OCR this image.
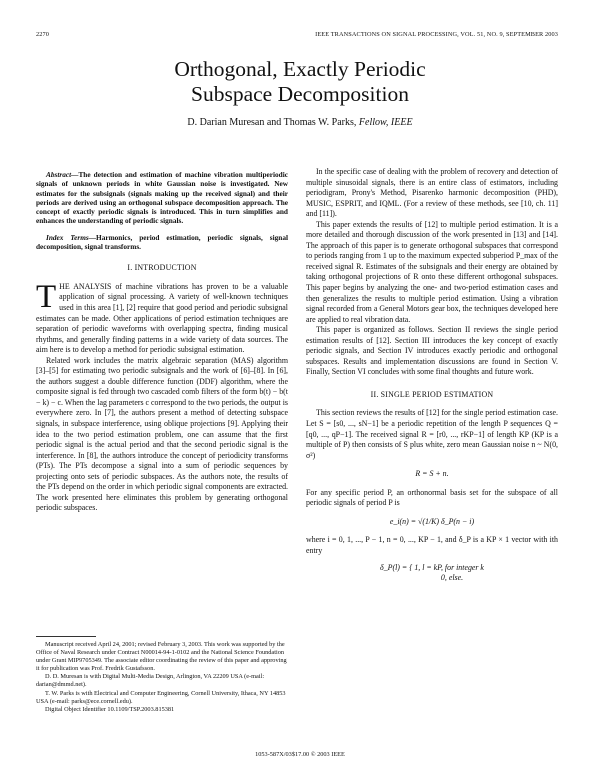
2270	IEEE TRANSACTIONS ON SIGNAL PROCESSING, VOL. 51, NO. 9, SEPTEMBER 2003
Orthogonal, Exactly Periodic
Subspace Decomposition
D. Darian Muresan and Thomas W. Parks, Fellow, IEEE

Abstract—The detection and estimation of machine vibration multiperiodic signals of unknown periods in white Gaussian noise is investigated. New estimates for the subsignals (signals making up the received signal) and their periods are derived using an orthogonal subspace decomposition approach. The concept of exactly periodic signals is introduced. This in turn simplifies and enhances the understanding of periodic signals.

Index Terms—Harmonics, period estimation, periodic signals, signal decomposition, signal transforms.

I. INTRODUCTION

THE ANALYSIS of machine vibrations has proven to be a valuable application of signal processing. A variety of well-known techniques used in this area [1], [2] require that good period and periodic subsignal estimates can be made. Other applications of period estimation techniques are separation of periodic waveforms with overlapping spectra, finding musical rhythms, and generally finding patterns in a wide variety of data sources. The aim here is to develop a method for periodic subsignal estimation.

Related work includes the matrix algebraic separation (MAS) algorithm [3]–[5] for estimating two periodic subsignals and the work of [6]–[8]. In [6], the authors suggest a double difference function (DDF) algorithm, where the composite signal is fed through two cascaded comb filters of the form b(t) − b(t − k) − c. When the lag parameters c correspond to the two periods, the output is everywhere zero. In [7], the authors present a method of detecting subspace signals, in subspace interference, using oblique projections [9]. Applying their idea to the two period estimation problem, one can assume that the first periodic signal is the actual period and that the second periodic signal is the interference. In [8], the authors introduce the concept of periodicity transforms (PTs). The PTs decompose a signal into a sum of periodic sequences by projecting onto sets of periodic subspaces. As the authors note, the results of the PTs depend on the order in which periodic signal components are extracted. The work presented here eliminates this problem by generating orthogonal periodic subspaces.

In the specific case of dealing with the problem of recovery and detection of multiple sinusoidal signals, there is an entire class of estimators, including periodigram, Prony's Method, Pisarenko harmonic decomposition (PHD), MUSIC, ESPRIT, and IQML. (For a review of these methods, see [10, ch. 11] and [11]).

This paper extends the results of [12] to multiple period estimation. It is a more detailed and thorough discussion of the work presented in [13] and [14]. The approach of this paper is to generate orthogonal subspaces that correspond to periods ranging from 1 up to the maximum expected subperiod P_max of the received signal R. Estimates of the subsignals and their energy are obtained by taking orthogonal projections of R onto these different orthogonal subspaces. This paper begins by analyzing the one- and two-period estimation cases and then generalizes the results to multiple period estimation. Using a vibration signal recorded from a General Motors gear box, the techniques developed here are applied to real vibration data.

This paper is organized as follows. Section II reviews the single period estimation results of [12]. Section III introduces the key concept of exactly periodic signals, and Section IV introduces exactly periodic and orthogonal subspaces. Results and implementation discussions are found in Section V. Finally, Section VI concludes with some final thoughts and future work.

II. SINGLE PERIOD ESTIMATION

This section reviews the results of [12] for the single period estimation case. Let S = [s0, ..., sN−1] be a periodic repetition of the length P sequences Q = [q0, ..., qP−1]. The received signal R = [r0, ..., rKP−1] of length KP (KP is a multiple of P) then consists of S plus white, zero mean Gaussian noise n ~ N(0, σ²)

R = S + n.

For any specific period P, an orthonormal basis set for the subspace of all periodic signals of period P is

e_i(n) = √(1/K) δ_P(n − i)

where i = 0, 1, ..., P − 1, n = 0, ..., KP − 1, and δ_P is a KP × 1 vector with ith entry

δ_P(l) = { 1, l = kP, for integer k
0, else.

Manuscript received April 24, 2001; revised February 3, 2003. This work was supported by the Office of Naval Research under Contract N00014-94-1-0102 and the National Science Foundation under Grant MIP9705349. The associate editor coordinating the review of this paper and approving it for publication was Prof. Fredrik Gustafsson.

D. D. Muresan is with Digital Multi-Media Design, Arlington, VA 22209 USA (e-mail: darian@dmmd.net).

T. W. Parks is with Electrical and Computer Engineering, Cornell University, Ithaca, NY 14853 USA (e-mail: parks@ece.cornell.edu).

Digital Object Identifier 10.1109/TSP.2003.815381

1053-587X/03$17.00 © 2003 IEEE
